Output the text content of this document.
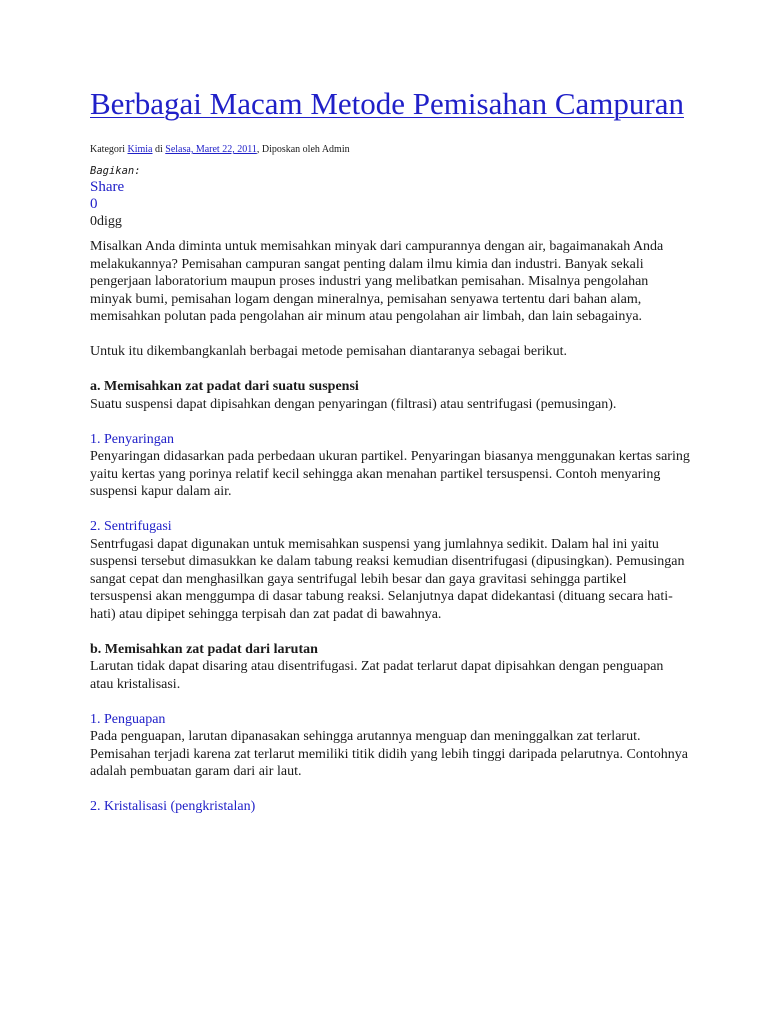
Berbagai Macam Metode Pemisahan Campuran
Kategori Kimia di Selasa, Maret 22, 2011, Diposkan oleh Admin
Bagikan:
Share
0
0digg

Misalkan Anda diminta untuk memisahkan minyak dari campurannya dengan air, bagaimanakah Anda melakukannya? Pemisahan campuran sangat penting dalam ilmu kimia dan industri. Banyak sekali pengerjaan laboratorium maupun proses industri yang melibatkan pemisahan. Misalnya pengolahan minyak bumi, pemisahan logam dengan mineralnya, pemisahan senyawa tertentu dari bahan alam, memisahkan polutan pada pengolahan air minum atau pengolahan air limbah, dan lain sebagainya.

Untuk itu dikembangkanlah berbagai metode pemisahan diantaranya sebagai berikut.

a. Memisahkan zat padat dari suatu suspensi

Suatu suspensi dapat dipisahkan dengan penyaringan (filtrasi) atau sentrifugasi (pemusingan).

1. Penyaringan

Penyaringan didasarkan pada perbedaan ukuran partikel. Penyaringan biasanya menggunakan kertas saring yaitu kertas yang porinya relatif kecil sehingga akan menahan partikel tersuspensi. Contoh menyaring suspensi kapur dalam air.

2. Sentrifugasi

Sentrfugasi dapat digunakan untuk memisahkan suspensi yang jumlahnya sedikit. Dalam hal ini yaitu suspensi tersebut dimasukkan ke dalam tabung reaksi kemudian disentrifugasi (dipusingkan). Pemusingan sangat cepat dan menghasilkan gaya sentrifugal lebih besar dan gaya gravitasi sehingga partikel tersuspensi akan menggumpa di dasar tabung reaksi. Selanjutnya dapat didekantasi (dituang secara hati-hati) atau dipipet sehingga terpisah dan zat padat di bawahnya.

b. Memisahkan zat padat dari larutan

Larutan tidak dapat disaring atau disentrifugasi. Zat padat terlarut dapat dipisahkan dengan penguapan atau kristalisasi.

1. Penguapan

Pada penguapan, larutan dipanasakan sehingga arutannya menguap dan meninggalkan zat terlarut. Pemisahan terjadi karena zat terlarut memiliki titik didih yang lebih tinggi daripada pelarutnya. Contohnya adalah pembuatan garam dari air laut.

2. Kristalisasi (pengkristalan)
